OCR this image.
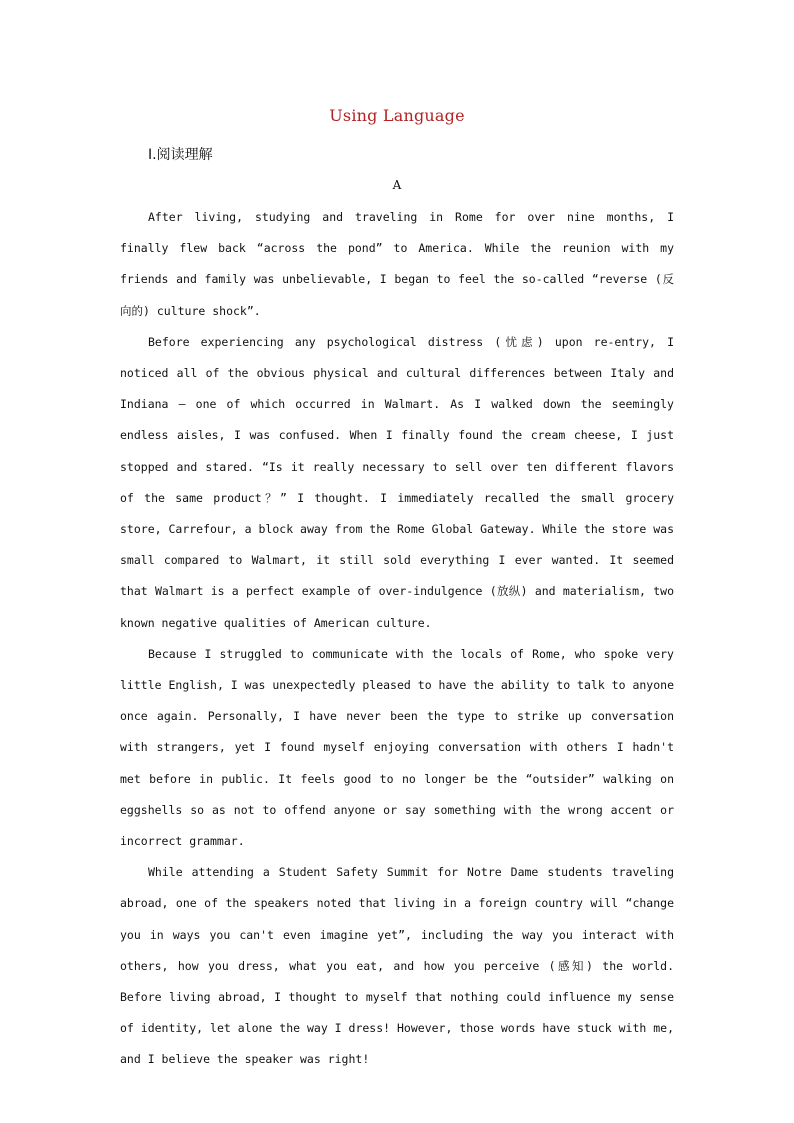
Using Language
Ⅰ.阅读理解
A

After living, studying and traveling in Rome for over nine months, I finally flew back “across the pond” to America. While the reunion with my friends and family was unbelievable, I began to feel the so-called “reverse (反向的) culture shock”.

Before experiencing any psychological distress (忧虑) upon re-entry, I noticed all of the obvious physical and cultural differences between Italy and Indiana — one of which occurred in Walmart. As I walked down the seemingly endless aisles, I was confused. When I finally found the cream cheese, I just stopped and stared. “Is it really necessary to sell over ten different flavors of the same product？” I thought. I immediately recalled the small grocery store, Carrefour, a block away from the Rome Global Gateway. While the store was small compared to Walmart, it still sold everything I ever wanted. It seemed that Walmart is a perfect example of over-indulgence (放纵) and materialism, two known negative qualities of American culture.

Because I struggled to communicate with the locals of Rome, who spoke very little English, I was unexpectedly pleased to have the ability to talk to anyone once again. Personally, I have never been the type to strike up conversation with strangers, yet I found myself enjoying conversation with others I hadn't met before in public. It feels good to no longer be the “outsider” walking on eggshells so as not to offend anyone or say something with the wrong accent or incorrect grammar.

While attending a Student Safety Summit for Notre Dame students traveling abroad, one of the speakers noted that living in a foreign country will “change you in ways you can't even imagine yet”, including the way you interact with others, how you dress, what you eat, and how you perceive (感知) the world. Before living abroad, I thought to myself that nothing could influence my sense of identity, let alone the way I dress! However, those words have stuck with me, and I believe the speaker was right!
